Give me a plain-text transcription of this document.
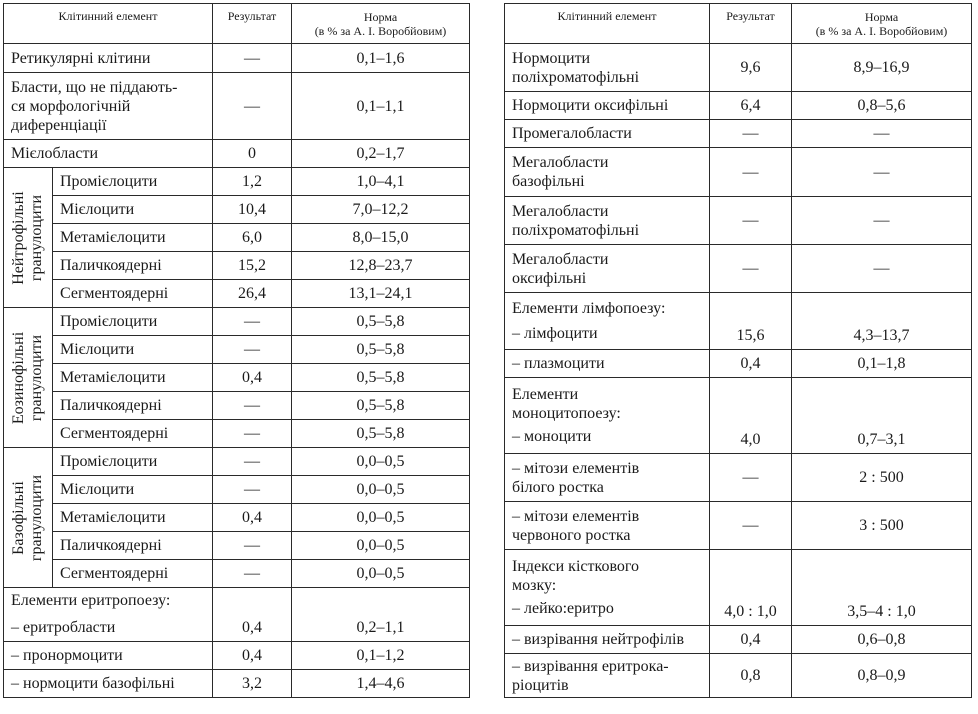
Клітинний елемент		Результат	Норма
(в % за А. І. Воробйовим)

Ретикулярні клітини		—	0,1–1,6

Бласти, що не піддають-
ся морфологічній
диференціації		—	0,1–1,1
Мієлобласти		0	0,2–1,7

Нейтрофільні гранулоцити	Промієлоцити	1,2	1,0–4,1
	Мієлоцити	10,4	7,0–12,2
	Метамієлоцити	6,0	8,0–15,0
	Паличкоядерні	15,2	12,8–23,7
	Сегментоядерні	26,4	13,1–24,1

Еозинофільні гранулоцити	Промієлоцити	—	0,5–5,8
	Мієлоцити	—	0,5–5,8
	Метамієлоцити	0,4	0,5–5,8
	Паличкоядерні	—	0,5–5,8
	Сегментоядерні	—	0,5–5,8

Базофільні гранулоцити	Промієлоцити	—	0,0–0,5
	Мієлоцити	—	0,0–0,5
	Метамієлоцити	0,4	0,0–0,5
	Паличкоядерні	—	0,0–0,5
	Сегментоядерні	—	0,0–0,5
Елементи еритропоезу:			
– еритробласти		0,4	0,2–1,1
– пронормоцити		0,4	0,1–1,2
– нормоцити базофільні		3,2	1,4–4,6
Клітинний елемент	Результат	Норма
(в % за А. І. Воробйовим)

Нормоцити
поліхроматофільні	9,6	8,9–16,9
Нормоцити оксифільні	6,4	0,8–5,6
Промегалобласти	—	—

Мегалобласти
базофільні	—	—

Мегалобласти
поліхроматофільні	—	—

Мегалобласти
оксифільні	—	—

Елементи лімфопоезу:
– лімфоцити	15,6	4,3–13,7
– плазмоцити	0,4	0,1–1,8

Елементи
моноцитопоезу:
– моноцити	4,0	0,7–3,1

– мітози елементів
білого ростка	—	2 : 500

– мітози елементів
червоного ростка	—	3 : 500

Індекси кісткового
мозку:
– лейко:еритро	4,0 : 1,0	3,5–4 : 1,0
– визрівання нейтрофілів	0,4	0,6–0,8

– визрівання еритрока-
ріоцитів	0,8	0,8–0,9
